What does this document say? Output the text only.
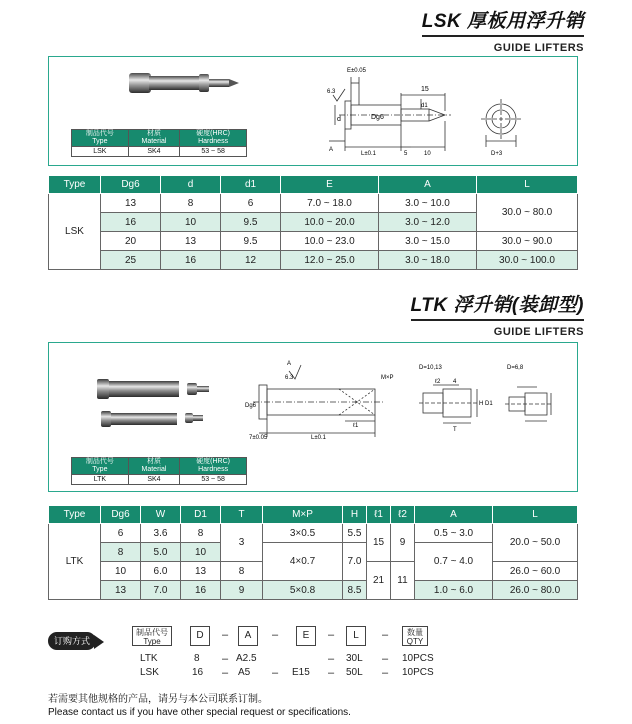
LSK 厚板用浮升销
GUIDE LIFTERS
E±0.05
6.3
d	Dg6
d1
15
A
L±0.1	5	10	D+3
制品代号
Type	材质
Material	硬度(HRC)
Hardness
LSK	SK4	53 ~ 58
Type	Dg6	d	d1	E	A	L
LSK	13	8	6	7.0 ~ 18.0	3.0 ~ 10.0	30.0 ~ 80.0
	16	10	9.5	10.0 ~ 20.0	3.0 ~ 12.0	
	20	13	9.5	10.0 ~ 23.0	3.0 ~ 15.0	30.0 ~ 90.0
	25	16	12	12.0 ~ 25.0	3.0 ~ 18.0	30.0 ~ 100.0
LTK 浮升销(装卸型)
GUIDE LIFTERS
A
6.3	M×P
Dg6
ℓ1
L±0.1
7±0.05
D=10,13	D=6,8
ℓ2 4
H D1
T
制品代号
Type	材质
Material	硬度(HRC)
Hardness
LTK	SK4	53 ~ 58
Type	Dg6	W	D1	T	M×P	H	ℓ1	ℓ2	A	L
LTK	6	3.6	8	3	3×0.5	5.5	15	9	0.5 ~ 3.0	20.0 ~ 50.0
	8	5.0	10		4×0.7	7.0			0.7 ~ 4.0	
	10	6.0	13	8			21	11		26.0 ~ 60.0
	13	7.0	16	9	5×0.8	8.5			1.0 ~ 6.0	26.0 ~ 80.0
订购方式
制品代号
Type
D	–	A	–	E	–	L	–	数量
QTY
LTK	8 – A2.5	– 30L – 10PCS
LSK	16 – A5 – E15 – 50L – 10PCS
若需要其他规格的产品，请另与本公司联系订制。
Please contact us if you have other special request or specifications.
